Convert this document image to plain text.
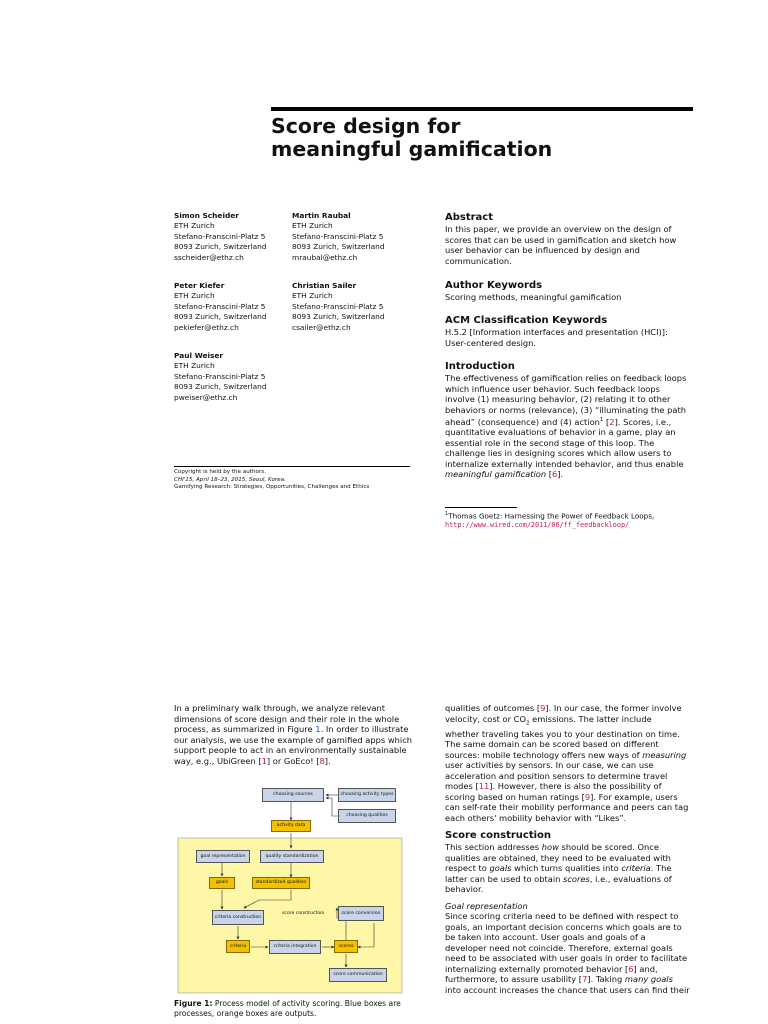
Score design for
meaningful gamification
Simon Scheider
ETH Zurich
Stefano-Franscini-Platz 5
8093 Zurich, Switzerland
sscheider@ethz.ch
Martin Raubal
ETH Zurich
Stefano-Franscini-Platz 5
8093 Zurich, Switzerland
mraubal@ethz.ch
Peter Kiefer
ETH Zurich
Stefano-Franscini-Platz 5
8093 Zurich, Switzerland
pekiefer@ethz.ch
Christian Sailer
ETH Zurich
Stefano-Franscini-Platz 5
8093 Zurich, Switzerland
csailer@ethz.ch
Paul Weiser
ETH Zurich
Stefano-Franscini-Platz 5
8093 Zurich, Switzerland
pweiser@ethz.ch
Copyright is held by the authors.
CHI'15, April 18–23, 2015, Seoul, Korea.
Gamifying Research: Strategies, Opportunities, Challenges and Ethics
Abstract
In this paper, we provide an overview on the design of
scores that can be used in gamification and sketch how
user behavior can be influenced by design and
communication.
Author Keywords
Scoring methods, meaningful gamification
ACM Classification Keywords
H.5.2 [Information interfaces and presentation (HCI)]:
User-centered design.
Introduction
The effectiveness of gamification relies on feedback loops
which influence user behavior. Such feedback loops
involve (1) measuring behavior, (2) relating it to other
behaviors or norms (relevance), (3) “illuminating the path
ahead” (consequence) and (4) action$^1$ [2]. Scores, i.e.,
quantitative evaluations of behavior in a game, play an
essential role in the second stage of this loop. The
challenge lies in designing scores which allow users to
internalize externally intended behavior, and thus enable
meaningful gamification [6].
$^1$Thomas Goetz: Harnessing the Power of Feedback Loops,
http://www.wired.com/2011/06/ff_feedbackloop/
In a preliminary walk through, we analyze relevant
dimensions of score design and their role in the whole
process, as summarized in Figure 1. In order to illustrate
our analysis, we use the example of gamified apps which
support people to act in an environmentally sustainable
way, e.g., UbiGreen [1] or GoEco! [8].
choosing sources	choosing activity types
choosing qualities
activity data
goal representation	quality standardization
goals	standardized qualities
criteria construction
score construction	score conversion
criteria	criteria integration	scores
score communication
Figure 1: Process model of activity scoring. Blue boxes are
processes, orange boxes are outputs.
qualities of outcomes [9]. In our case, the former involve
velocity, cost or $CO_2$ emissions. The latter include
whether traveling takes you to your destination on time.
The same domain can be scored based on different
sources: mobile technology offers new ways of measuring
user activities by sensors. In our case, we can use
acceleration and position sensors to determine travel
modes [11]. However, there is also the possibility of
scoring based on human ratings [9]. For example, users
can self-rate their mobility performance and peers can tag
each others' mobility behavior with “Likes”.
Score construction
This section addresses how should be scored. Once
qualities are obtained, they need to be evaluated with
respect to goals which turns qualities into criteria. The
latter can be used to obtain scores, i.e., evaluations of
behavior.
Goal representation
Since scoring criteria need to be defined with respect to
goals, an important decision concerns which goals are to
be taken into account. User goals and goals of a
developer need not coincide. Therefore, external goals
need to be associated with user goals in order to facilitate
internalizing externally promoted behavior [6] and,
furthermore, to assure usability [7]. Taking many goals
into account increases the chance that users can find their
